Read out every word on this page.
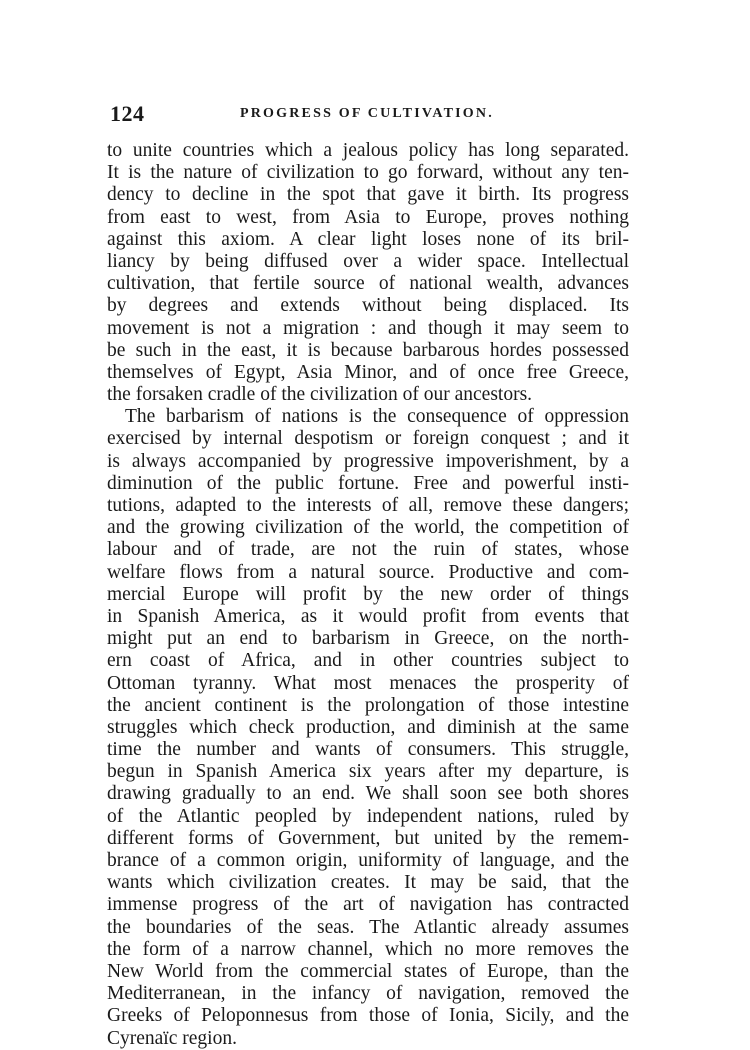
124	PROGRESS OF CULTIVATION.
to unite countries which a jealous policy has long separated.
It is the nature of civilization to go forward, without any ten-
dency to decline in the spot that gave it birth. Its progress
from east to west, from Asia to Europe, proves nothing
against this axiom. A clear light loses none of its bril-
liancy by being diffused over a wider space. Intellectual
cultivation, that fertile source of national wealth, advances
by degrees and extends without being displaced. Its
movement is not a migration : and though it may seem to
be such in the east, it is because barbarous hordes possessed
themselves of Egypt, Asia Minor, and of once free Greece,
the forsaken cradle of the civilization of our ancestors.
The barbarism of nations is the consequence of oppression
exercised by internal despotism or foreign conquest ; and it
is always accompanied by progressive impoverishment, by a
diminution of the public fortune. Free and powerful insti-
tutions, adapted to the interests of all, remove these dangers;
and the growing civilization of the world, the competition of
labour and of trade, are not the ruin of states, whose
welfare flows from a natural source. Productive and com-
mercial Europe will profit by the new order of things
in Spanish America, as it would profit from events that
might put an end to barbarism in Greece, on the north-
ern coast of Africa, and in other countries subject to
Ottoman tyranny. What most menaces the prosperity of
the ancient continent is the prolongation of those intestine
struggles which check production, and diminish at the same
time the number and wants of consumers. This struggle,
begun in Spanish America six years after my departure, is
drawing gradually to an end. We shall soon see both shores
of the Atlantic peopled by independent nations, ruled by
different forms of Government, but united by the remem-
brance of a common origin, uniformity of language, and the
wants which civilization creates. It may be said, that the
immense progress of the art of navigation has contracted
the boundaries of the seas. The Atlantic already assumes
the form of a narrow channel, which no more removes the
New World from the commercial states of Europe, than the
Mediterranean, in the infancy of navigation, removed the
Greeks of Peloponnesus from those of Ionia, Sicily, and the
Cyrenaïc region.
